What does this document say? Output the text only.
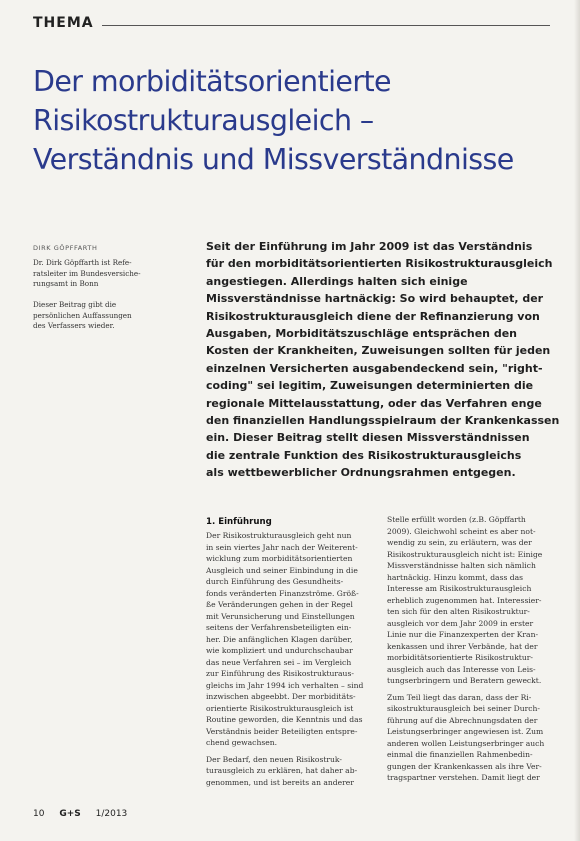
THEMA
Der morbiditätsorientierte
Risikostrukturausgleich –
Verständnis und Missverständnisse
DIRK GÖPFFARTH
Dr. Dirk Göpffarth ist Refe-
ratsleiter im Bundesversiche-
rungsamt in Bonn
Dieser Beitrag gibt die
persönlichen Auffassungen
des Verfassers wieder.
Seit der Einführung im Jahr 2009 ist das Verständnis
für den morbiditätsorientierten Risikostrukturausgleich
angestiegen. Allerdings halten sich einige
Missverständnisse hartnäckig: So wird behauptet, der
Risikostrukturausgleich diene der Refinanzierung von
Ausgaben, Morbiditätszuschläge entsprächen den
Kosten der Krankheiten, Zuweisungen sollten für jeden
einzelnen Versicherten ausgabendeckend sein, "right-
coding" sei legitim, Zuweisungen determinierten die
regionale Mittelausstattung, oder das Verfahren enge
den finanziellen Handlungsspielraum der Krankenkassen
ein. Dieser Beitrag stellt diesen Missverständnissen
die zentrale Funktion des Risikostrukturausgleichs
als wettbewerblicher Ordnungsrahmen entgegen.
1. Einführung
Der Risikostrukturausgleich geht nun
in sein viertes Jahr nach der Weiterent-
wicklung zum morbiditätsorientierten
Ausgleich und seiner Einbindung in die
durch Einführung des Gesundheits-
fonds veränderten Finanzströme. Größ-
ße Veränderungen gehen in der Regel
mit Verunsicherung und Einstellungen
seitens der Verfahrensbeteiligten ein-
her. Die anfänglichen Klagen darüber,
wie kompliziert und undurchschaubar
das neue Verfahren sei – im Vergleich
zur Einführung des Risikostrukturaus-
gleichs im Jahr 1994 ich verhalten – sind
inzwischen abgeebbt. Der morbiditäts-
orientierte Risikostrukturausgleich ist
Routine geworden, die Kenntnis und das
Verständnis beider Beteiligten entspre-
chend gewachsen.
Der Bedarf, den neuen Risikostruk-
turausgleich zu erklären, hat daher ab-
genommen, und ist bereits an anderer
Stelle erfüllt worden (z.B. Göpffarth
2009). Gleichwohl scheint es aber not-
wendig zu sein, zu erläutern, was der
Risikostrukturausgleich nicht ist: Einige
Missverständnisse halten sich nämlich
hartnäckig. Hinzu kommt, dass das
Interesse am Risikostrukturausgleich
erheblich zugenommen hat. Interessier-
ten sich für den alten Risikostruktur-
ausgleich vor dem Jahr 2009 in erster
Linie nur die Finanzexperten der Kran-
kenkassen und ihrer Verbände, hat der
morbiditätsorientierte Risikostruktur-
ausgleich auch das Interesse von Leis-
tungserbringern und Beratern geweckt.
Zum Teil liegt das daran, dass der Ri-
sikostrukturausgleich bei seiner Durch-
führung auf die Abrechnungsdaten der
Leistungserbringer angewiesen ist. Zum
anderen wollen Leistungserbringer auch
einmal die finanziellen Rahmenbedin-
gungen der Krankenkassen als ihre Ver-
tragspartner verstehen. Damit liegt der
10 G+S 1/2013
